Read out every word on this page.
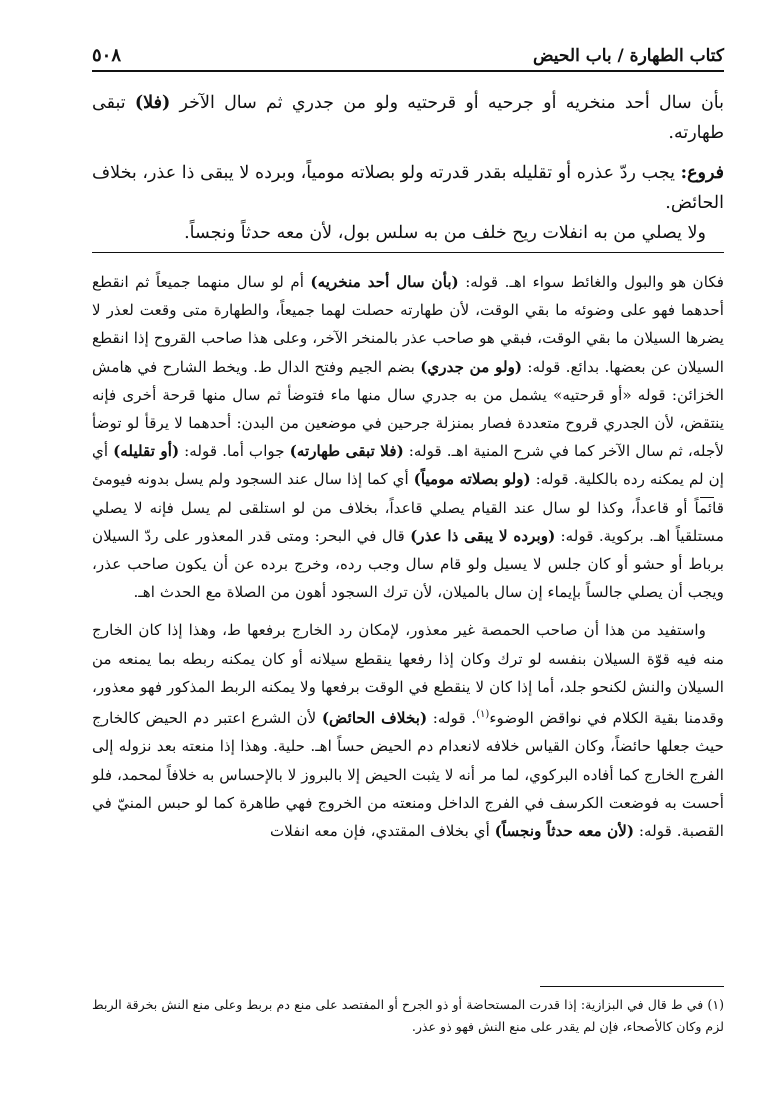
كتاب الطهارة / باب الحيض
٥٠٨

بأن سال أحد منخريه أو جرحيه أو قرحتيه ولو من جدري ثم سال الآخر (فلا) تبقى طهارته.

فروع: يجب ردّ عذره أو تقليله بقدر قدرته ولو بصلاته مومياً، وبرده لا يبقى ذا عذر، بخلاف الحائض.

ولا يصلي من به انفلات ريح خلف من به سلس بول، لأن معه حدثاً ونجساً.

فكان هو والبول والغائط سواء اهـ. قوله: (بأن سال أحد منخريه) أم لو سال منهما جميعاً ثم انقطع أحدهما فهو على وضوئه ما بقي الوقت، لأن طهارته حصلت لهما جميعاً، والطهارة متى وقعت لعذر لا يضرها السيلان ما بقي الوقت، فبقي هو صاحب عذر بالمنخر الآخر، وعلى هذا صاحب القروح إذا انقطع السيلان عن بعضها. بدائع. قوله: (ولو من جدري) بضم الجيم وفتح الدال ط. ويخط الشارح في هامش الخزائن: قوله «أو قرحتيه» يشمل من به جدري سال منها ماء فتوضأ ثم سال منها قرحة أخرى فإنه ينتقض، لأن الجدري قروح متعددة فصار بمنزلة جرحين في موضعين من البدن: أحدهما لا يرقأ لو توضأ لأجله، ثم سال الآخر كما في شرح المنية اهـ. قوله: (فلا تبقى طهارته) جواب أما. قوله: (أو تقليله) أي إن لم يمكنه رده بالكلية. قوله: (ولو بصلاته مومياً) أي كما إذا سال عند السجود ولم يسل بدونه فيومئ قائماً أو قاعداً، وكذا لو سال عند القيام يصلي قاعداً، بخلاف من لو استلقى لم يسل فإنه لا يصلي مستلقياً اهـ. بركوية. قوله: (وبرده لا يبقى ذا عذر) قال في البحر: ومتى قدر المعذور على ردّ السيلان برباط أو حشو أو كان جلس لا يسيل ولو قام سال وجب رده، وخرج برده عن أن يكون صاحب عذر، ويجب أن يصلي جالساً بإيماء إن سال بالميلان، لأن ترك السجود أهون من الصلاة مع الحدث اهـ.

واستفيد من هذا أن صاحب الحمصة غير معذور، لإمكان رد الخارج برفعها ط، وهذا إذا كان الخارج منه فيه قوّة السيلان بنفسه لو ترك وكان إذا رفعها ينقطع سيلانه أو كان يمكنه ربطه بما يمنعه من السيلان والنش لكنحو جلد، أما إذا كان لا ينقطع في الوقت برفعها ولا يمكنه الربط المذكور فهو معذور، وقدمنا بقية الكلام في نواقض الوضوء$^{(١)}$. قوله: (بخلاف الحائض) لأن الشرع اعتبر دم الحيض كالخارج حيث جعلها حائضاً، وكان القياس خلافه لانعدام دم الحيض حساً اهـ. حلية. وهذا إذا منعته بعد نزوله إلى الفرج الخارج كما أفاده البركوي، لما مر أنه لا يثبت الحيض إلا بالبروز لا بالإحساس به خلافاً لمحمد، فلو أحست به فوضعت الكرسف في الفرج الداخل ومنعته من الخروج فهي طاهرة كما لو حبس المنيّ في القصبة. قوله: (لأن معه حدثاً ونجساً) أي بخلاف المقتدي، فإن معه انفلات

(١) في ط قال في البزازية: إذا قدرت المستحاضة أو ذو الجرح أو المفتصد على منع دم بربط وعلى منع النش بخرقة الربط لزم وكان كالأصحاء، فإن لم يقدر على منع النش فهو ذو عذر.
